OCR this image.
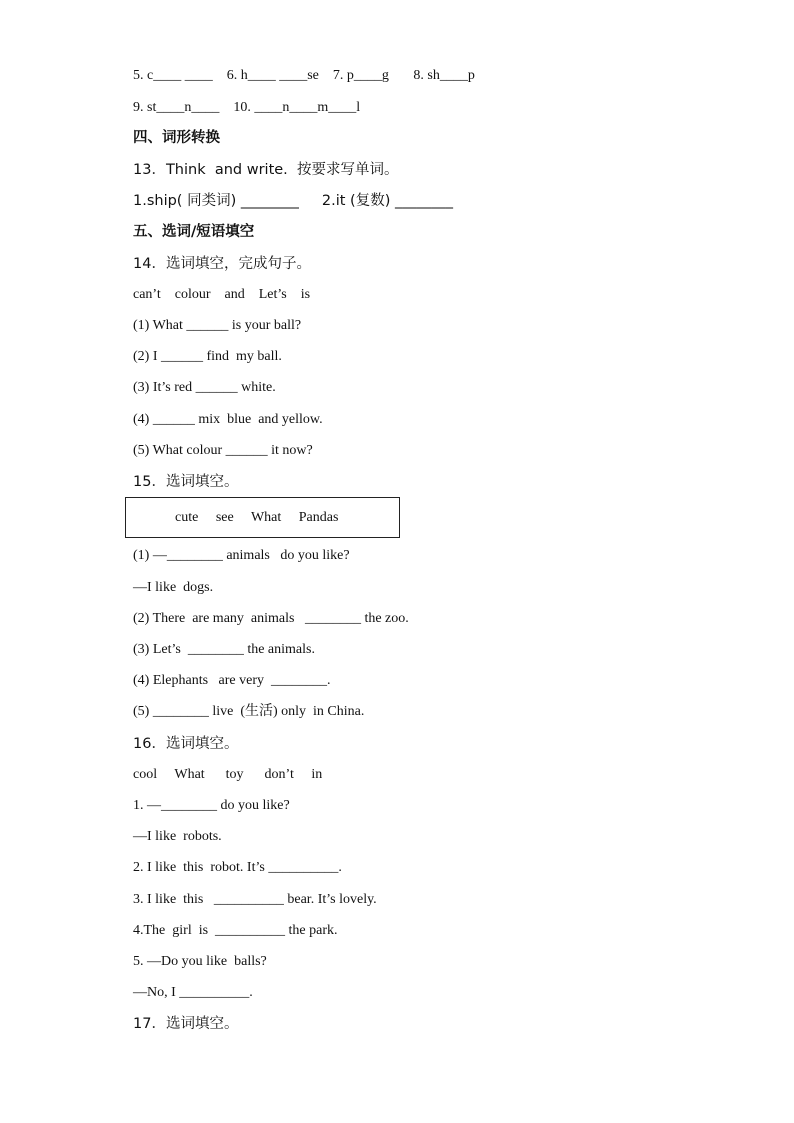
5. c____ ____    6. h____ ____se    7. p____g       8. sh____p
9. st____n____    10. ____n____m____l
四、词形转换
13．Think  and write.  按要求写单词。
1.ship( 同类词) ________     2.it (复数) ________
五、选词/短语填空
14．选词填空，完成句子。
can’t    colour    and    Let’s    is
(1) What ______ is your ball?
(2) I ______ find  my ball.
(3) It’s red ______ white.
(4) ______ mix  blue  and yellow.
(5) What colour ______ it now?
15．选词填空。
cute     see     What     Pandas
(1) —________ animals   do you like?
—I like  dogs.
(2) There  are many  animals   ________ the zoo.
(3) Let’s  ________ the animals.
(4) Elephants   are very  ________.
(5) ________ live  (生活) only  in China.
16．选词填空。
cool     What      toy      don’t     in
1. —________ do you like?
—I like  robots.
2. I like  this  robot. It’s __________.
3. I like  this   __________ bear. It’s lovely.
4.The  girl  is  __________ the park.
5. —Do you like  balls?
—No, I __________.
17．选词填空。
